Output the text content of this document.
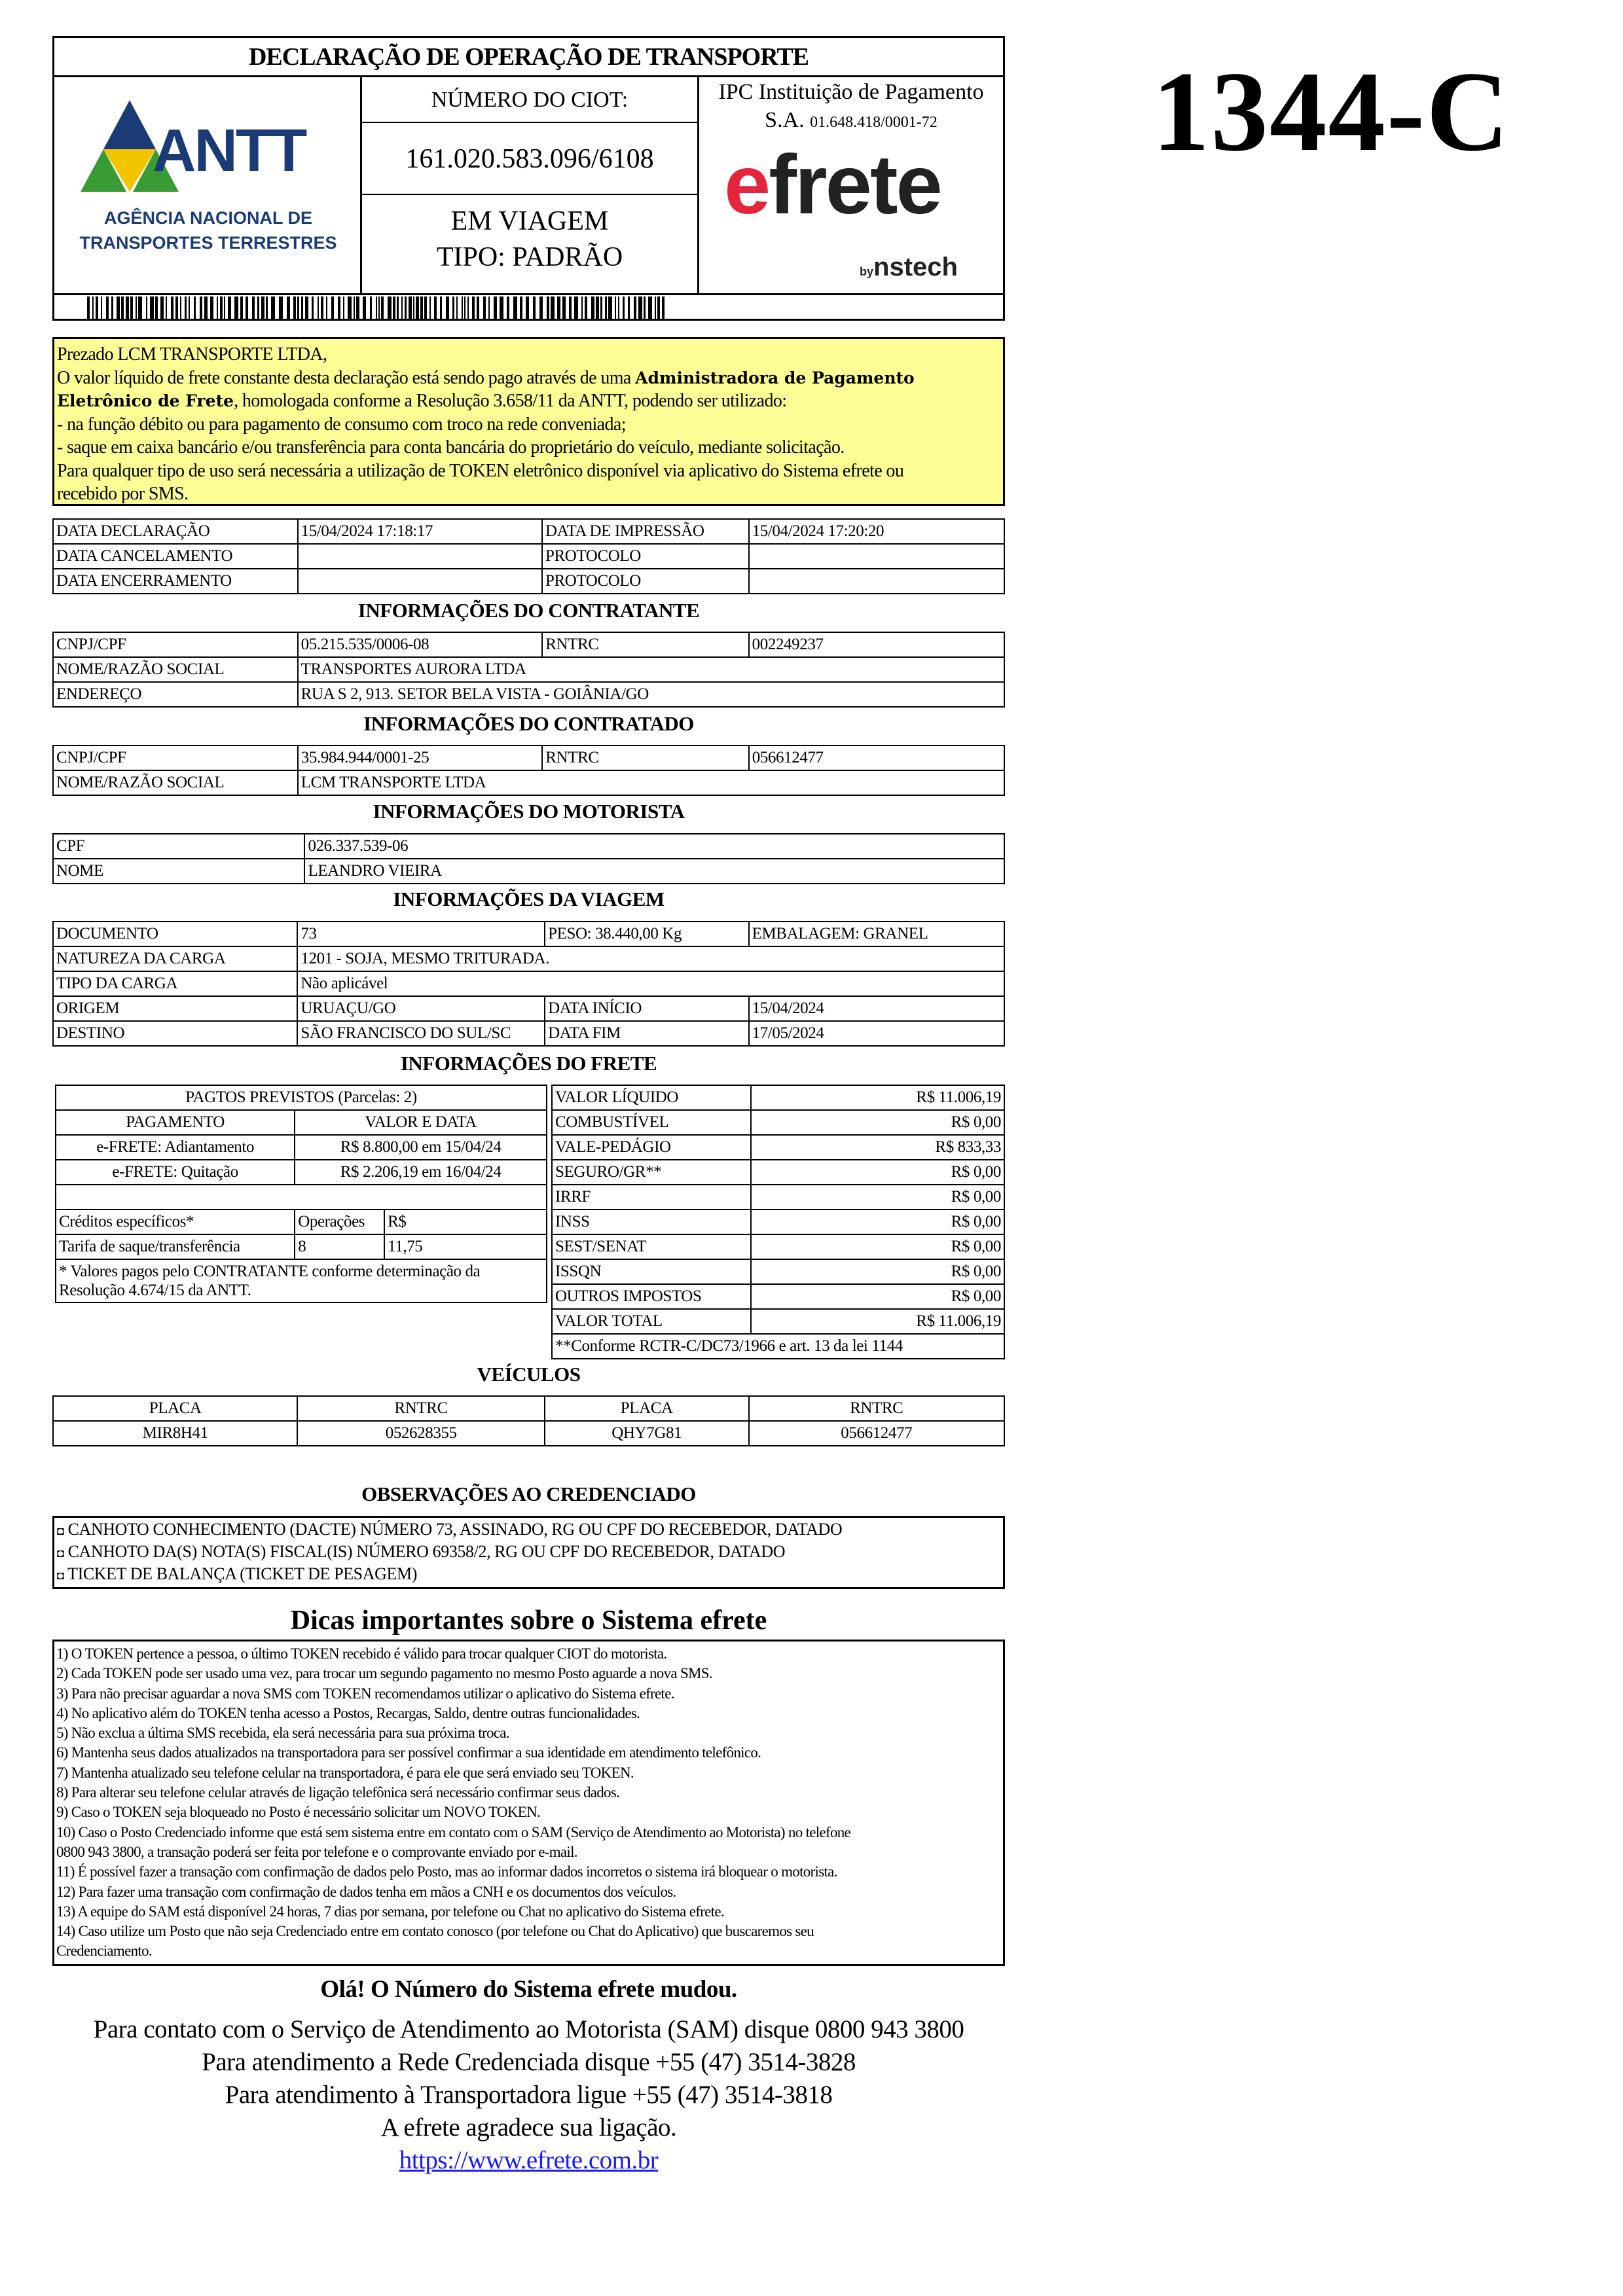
1344-C
DECLARAÇÃO DE OPERAÇÃO DE TRANSPORTE
ANTT
AGÊNCIA NACIONAL DE
TRANSPORTES TERRESTRES
NÚMERO DO CIOT:
161.020.583.096/6108
EM VIAGEM
TIPO: PADRÃO
IPC Instituição de Pagamento
S.A. 01.648.418/0001-72
efrete
bynstech
Prezado LCM TRANSPORTE LTDA,
O valor líquido de frete constante desta declaração está sendo pago através de uma Administradora de Pagamento
Eletrônico de Frete, homologada conforme a Resolução 3.658/11 da ANTT, podendo ser utilizado:
- na função débito ou para pagamento de consumo com troco na rede conveniada;
- saque em caixa bancário e/ou transferência para conta bancária do proprietário do veículo, mediante solicitação.
Para qualquer tipo de uso será necessária a utilização de TOKEN eletrônico disponível via aplicativo do Sistema efrete ou
recebido por SMS.
DATA DECLARAÇÃO	15/04/2024 17:18:17	DATA DE IMPRESSÃO	15/04/2024 17:20:20
DATA CANCELAMENTO		PROTOCOLO	
DATA ENCERRAMENTO		PROTOCOLO	
INFORMAÇÕES DO CONTRATANTE
CNPJ/CPF	05.215.535/0006-08	RNTRC	002249237
NOME/RAZÃO SOCIAL	TRANSPORTES AURORA LTDA		
ENDEREÇO	RUA S 2, 913. SETOR BELA VISTA - GOIÂNIA/GO		
INFORMAÇÕES DO CONTRATADO
CNPJ/CPF	35.984.944/0001-25	RNTRC	056612477
NOME/RAZÃO SOCIAL	LCM TRANSPORTE LTDA		
INFORMAÇÕES DO MOTORISTA
CPF	026.337.539-06
NOME	LEANDRO VIEIRA
INFORMAÇÕES DA VIAGEM
DOCUMENTO	73	PESO: 38.440,00 Kg	EMBALAGEM: GRANEL
NATUREZA DA CARGA	1201 - SOJA, MESMO TRITURADA.		
TIPO DA CARGA	Não aplicável		
ORIGEM	URUAÇU/GO	DATA INÍCIO	15/04/2024
DESTINO	SÃO FRANCISCO DO SUL/SC	DATA FIM	17/05/2024
INFORMAÇÕES DO FRETE
PAGTOS PREVISTOS (Parcelas: 2)		
PAGAMENTO	VALOR E DATA	
e-FRETE: Adiantamento	R$ 8.800,00 em 15/04/24	
e-FRETE: Quitação	R$ 2.206,19 em 16/04/24	

Créditos específicos*	Operações	R$
Tarifa de saque/transferência	8	11,75

* Valores pagos pelo CONTRATANTE conforme determinação da
Resolução 4.674/15 da ANTT.		
VALOR LÍQUIDO	R$ 11.006,19
COMBUSTÍVEL	R$ 0,00
VALE-PEDÁGIO	R$ 833,33
SEGURO/GR**	R$ 0,00
IRRF	R$ 0,00
INSS	R$ 0,00
SEST/SENAT	R$ 0,00
ISSQN	R$ 0,00
OUTROS IMPOSTOS	R$ 0,00
VALOR TOTAL	R$ 11.006,19
**Conforme RCTR-C/DC73/1966 e art. 13 da lei 1144	
VEÍCULOS
PLACA	RNTRC	PLACA	RNTRC
MIR8H41	052628355	QHY7G81	056612477
OBSERVAÇÕES AO CREDENCIADO
◘ CANHOTO CONHECIMENTO (DACTE) NÚMERO 73, ASSINADO, RG OU CPF DO RECEBEDOR, DATADO
◘ CANHOTO DA(S) NOTA(S) FISCAL(IS) NÚMERO 69358/2, RG OU CPF DO RECEBEDOR, DATADO
◘ TICKET DE BALANÇA (TICKET DE PESAGEM)
Dicas importantes sobre o Sistema efrete
1) O TOKEN pertence a pessoa, o último TOKEN recebido é válido para trocar qualquer CIOT do motorista.
2) Cada TOKEN pode ser usado uma vez, para trocar um segundo pagamento no mesmo Posto aguarde a nova SMS.
3) Para não precisar aguardar a nova SMS com TOKEN recomendamos utilizar o aplicativo do Sistema efrete.
4) No aplicativo além do TOKEN tenha acesso a Postos, Recargas, Saldo, dentre outras funcionalidades.
5) Não exclua a última SMS recebida, ela será necessária para sua próxima troca.
6) Mantenha seus dados atualizados na transportadora para ser possível confirmar a sua identidade em atendimento telefônico.
7) Mantenha atualizado seu telefone celular na transportadora, é para ele que será enviado seu TOKEN.
8) Para alterar seu telefone celular através de ligação telefônica será necessário confirmar seus dados.
9) Caso o TOKEN seja bloqueado no Posto é necessário solicitar um NOVO TOKEN.
10) Caso o Posto Credenciado informe que está sem sistema entre em contato com o SAM (Serviço de Atendimento ao Motorista) no telefone
0800 943 3800, a transação poderá ser feita por telefone e o comprovante enviado por e-mail.
11) É possível fazer a transação com confirmação de dados pelo Posto, mas ao informar dados incorretos o sistema irá bloquear o motorista.
12) Para fazer uma transação com confirmação de dados tenha em mãos a CNH e os documentos dos veículos.
13) A equipe do SAM está disponível 24 horas, 7 dias por semana, por telefone ou Chat no aplicativo do Sistema efrete.
14) Caso utilize um Posto que não seja Credenciado entre em contato conosco (por telefone ou Chat do Aplicativo) que buscaremos seu
Credenciamento.
Olá! O Número do Sistema efrete mudou.
Para contato com o Serviço de Atendimento ao Motorista (SAM) disque 0800 943 3800
Para atendimento a Rede Credenciada disque +55 (47) 3514-3828
Para atendimento à Transportadora ligue +55 (47) 3514-3818
A efrete agradece sua ligação.
https://www.efrete.com.br
